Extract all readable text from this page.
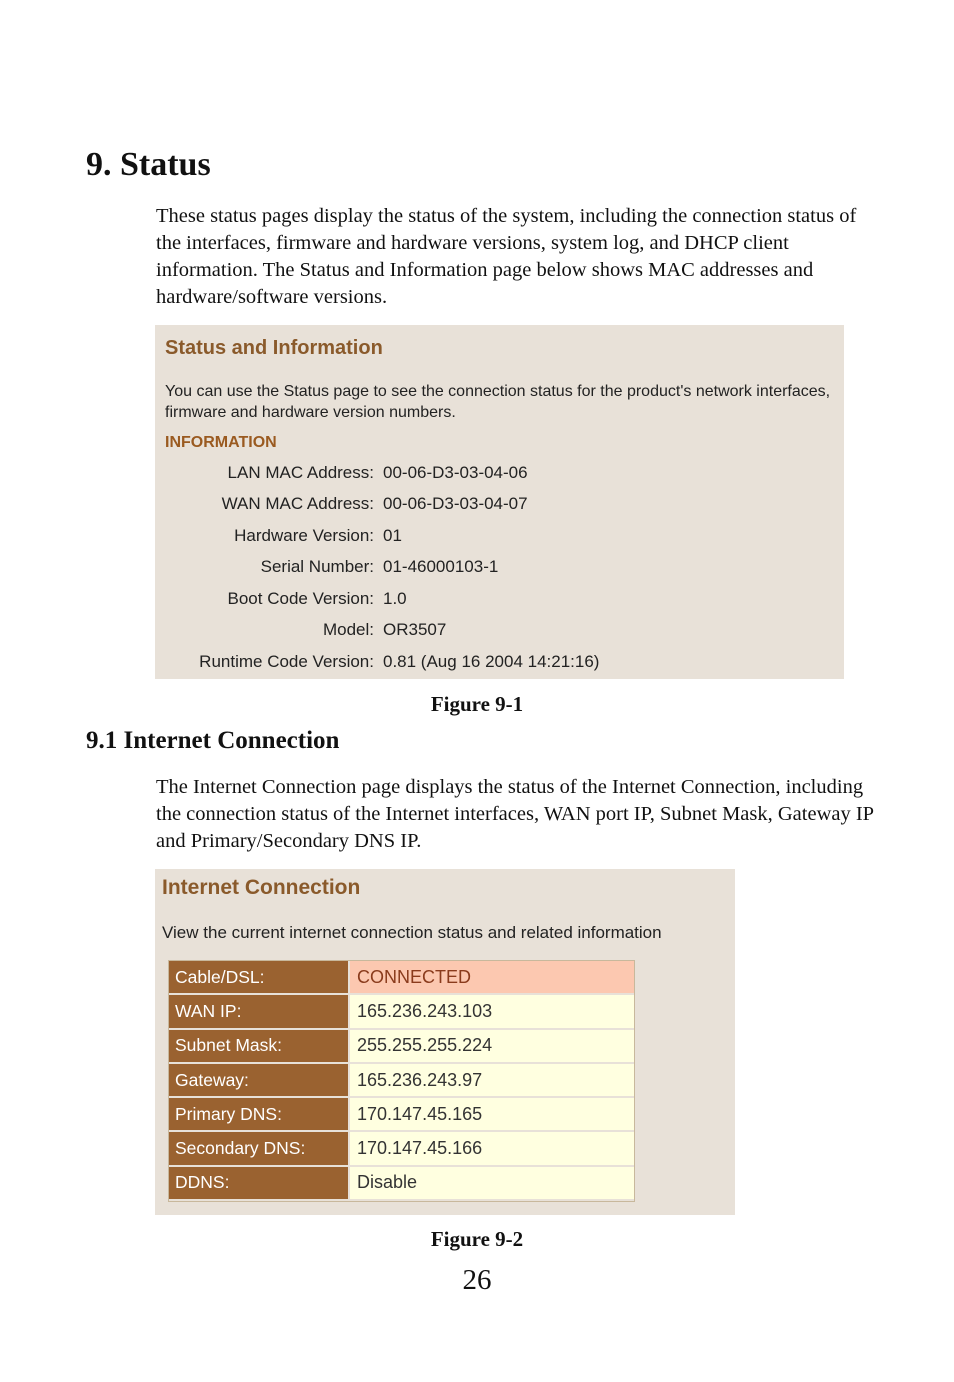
9. Status

These status pages display the status of the system, including the connection status of the interfaces, firmware and hardware versions, system log, and DHCP client information. The Status and Information page below shows MAC addresses and hardware/software versions.

Status and Information
You can use the Status page to see the connection status for the product's network interfaces, firmware and hardware version numbers.
INFORMATION
LAN MAC Address: 00-06-D3-03-04-06
WAN MAC Address: 00-06-D3-03-04-07
Hardware Version: 01
Serial Number: 01-46000103-1
Boot Code Version: 1.0
Model: OR3507
Runtime Code Version: 0.81 (Aug 16 2004 14:21:16)
Figure 9-1
9.1 Internet Connection

The Internet Connection page displays the status of the Internet Connection, including the connection status of the Internet interfaces, WAN port IP, Subnet Mask, Gateway IP and Primary/Secondary DNS IP.

Internet Connection
View the current internet connection status and related information
Cable/DSL:	CONNECTED
WAN IP:	165.236.243.103
Subnet Mask:	255.255.255.224
Gateway:	165.236.243.97
Primary DNS:	170.147.45.165
Secondary DNS:	170.147.45.166
DDNS:	Disable
Figure 9-2
26
